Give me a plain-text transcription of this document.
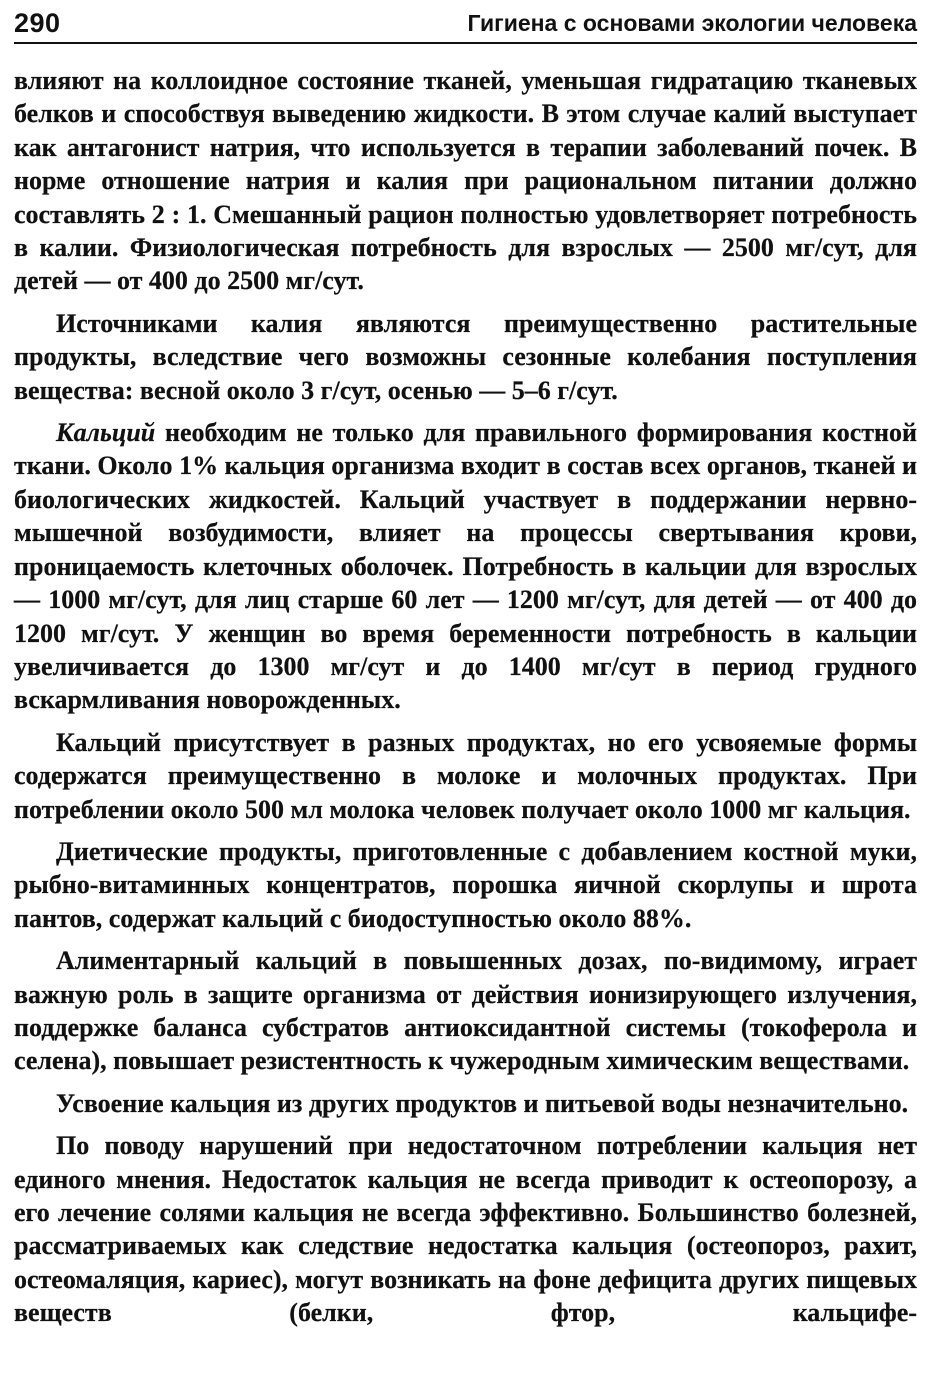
290	Гигиена с основами экологии человека

влияют на коллоидное состояние тканей, уменьшая гидратацию тканевых белков и способствуя выведению жидкости. В этом случае калий выступает как антагонист натрия, что используется в терапии заболеваний почек. В норме отношение натрия и калия при рациональном питании должно составлять 2 : 1. Смешанный рацион полностью удовлетворяет потребность в калии. Физиологическая потребность для взрослых — 2500 мг/сут, для детей — от 400 до 2500 мг/сут.

Источниками калия являются преимущественно растительные продукты, вследствие чего возможны сезонные колебания поступления вещества: весной около 3 г/сут, осенью — 5–6 г/сут.

Кальций необходим не только для правильного формирования костной ткани. Около 1% кальция организма входит в состав всех органов, тканей и биологических жидкостей. Кальций участвует в поддержании нервно-мышечной возбудимости, влияет на процессы свертывания крови, проницаемость клеточных оболочек. Потребность в кальции для взрослых — 1000 мг/сут, для лиц старше 60 лет — 1200 мг/сут, для детей — от 400 до 1200 мг/сут. У женщин во время беременности потребность в кальции увеличивается до 1300 мг/сут и до 1400 мг/сут в период грудного вскармливания новорожденных.

Кальций присутствует в разных продуктах, но его усвояемые формы содержатся преимущественно в молоке и молочных продуктах. При потреблении около 500 мл молока человек получает около 1000 мг кальция.

Диетические продукты, приготовленные с добавлением костной муки, рыбно-витаминных концентратов, порошка яичной скорлупы и шрота пантов, содержат кальций с биодоступностью около 88%.

Алиментарный кальций в повышенных дозах, по-видимому, играет важную роль в защите организма от действия ионизирующего излучения, поддержке баланса субстратов антиоксидантной системы (токоферола и селена), повышает резистентность к чужеродным химическим веществами.

Усвоение кальция из других продуктов и питьевой воды незначительно.

По поводу нарушений при недостаточном потреблении кальция нет единого мнения. Недостаток кальция не всегда приводит к остеопорозу, а его лечение солями кальция не всегда эффективно. Большинство болезней, рассматриваемых как следствие недостатка кальция (остеопороз, рахит, остеомаляция, кариес), могут возникать на фоне дефицита других пищевых веществ (белки, фтор, кальцифе-
